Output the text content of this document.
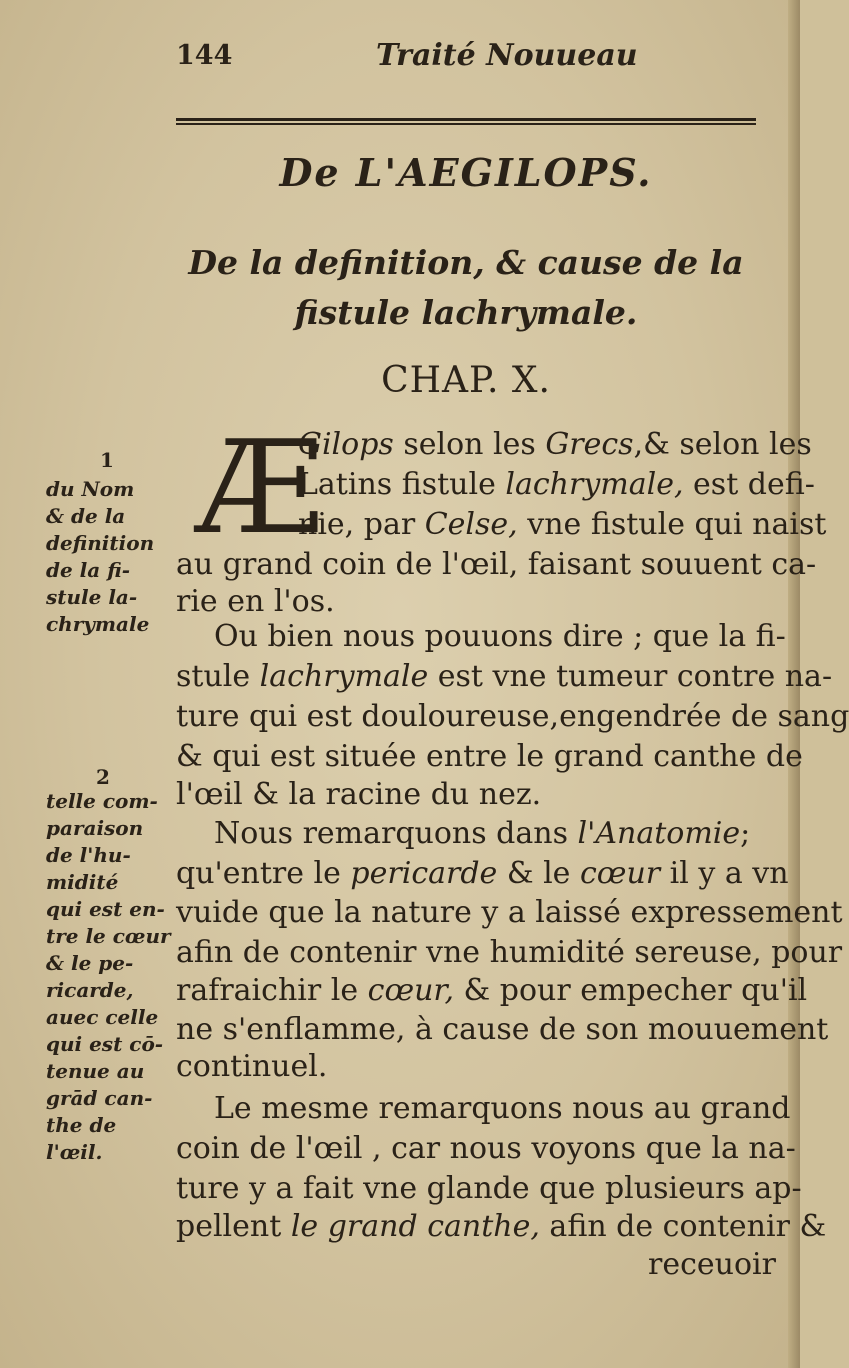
144	Traité Nouueau
De L'AEGILOPS.
De la definition, & cause de la
fistule lachrymale.
CHAP. X.
Æ
Gilops selon les Grecs,& selon les
Latins fistule lachrymale, est defi-
nie, par Celse, vne fistule qui naist
au grand coin de l'œil, faisant souuent ca-
rie en l'os.
Ou bien nous pouuons dire ; que la fi-
stule lachrymale est vne tumeur contre na-
ture qui est douloureuse,engendrée de sang
& qui est située entre le grand canthe de
l'œil & la racine du nez.
Nous remarquons dans l'Anatomie;
qu'entre le pericarde & le cœur il y a vn
vuide que la nature y a laissé expressement
afin de contenir vne humidité sereuse, pour
rafraichir le cœur, & pour empecher qu'il
ne s'enflamme, à cause de son mouuement
continuel.
Le mesme remarquons nous au grand
coin de l'œil , car nous voyons que la na-
ture y a fait vne glande que plusieurs ap-
pellent le grand canthe, afin de contenir &
receuoir
1
du Nom
& de la
definition
de la fi-
stule la-
chrymale
2
telle com-
paraison
de l'hu-
midité
qui est en-
tre le cœur
& le pe-
ricarde,
auec celle
qui est cō-
tenue au
grād can-
the de
l'œil.
